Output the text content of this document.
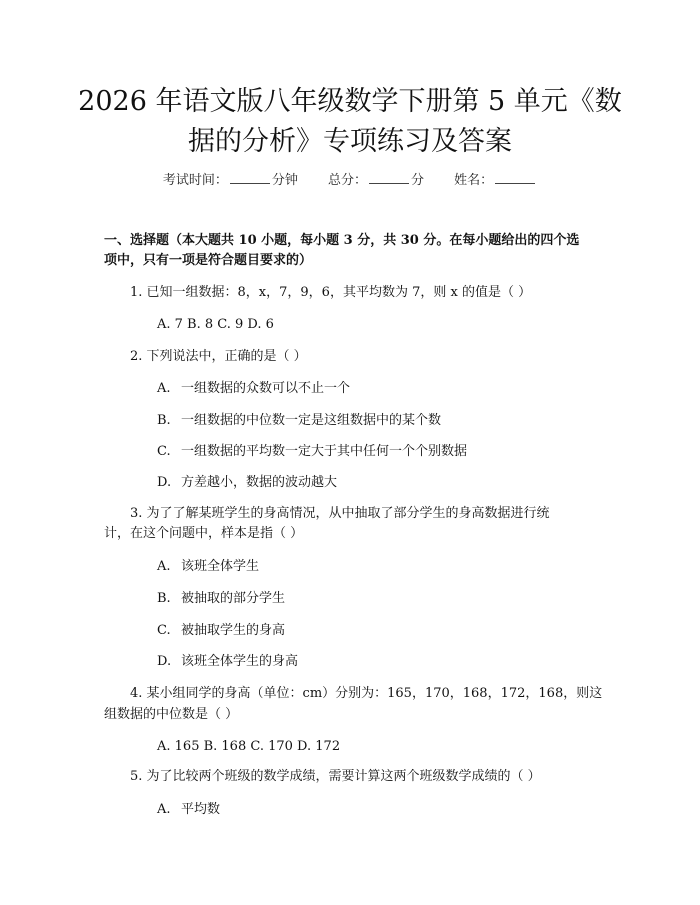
2026 年语文版八年级数学下册第 5 单元《数
据的分析》专项练习及答案
考试时间：	分钟 总分：	分 姓名：
一、选择题（本大题共 10 小题，每小题 3 分，共 30 分。在每小题给出的四个选
项中，只有一项是符合题目要求的）
1. 已知一组数据：8，x，7，9，6，其平均数为 7，则 x 的值是（ ）
A. 7 B. 8 C. 9 D. 6
2. 下列说法中，正确的是（ ）
A. 一组数据的众数可以不止一个
B. 一组数据的中位数一定是这组数据中的某个数
C. 一组数据的平均数一定大于其中任何一个个别数据
D. 方差越小，数据的波动越大
3. 为了了解某班学生的身高情况，从中抽取了部分学生的身高数据进行统
计，在这个问题中，样本是指（ ）
A. 该班全体学生
B. 被抽取的部分学生
C. 被抽取学生的身高
D. 该班全体学生的身高
4. 某小组同学的身高（单位：cm）分别为：165，170，168，172，168，则这
组数据的中位数是（ ）
A. 165 B. 168 C. 170 D. 172
5. 为了比较两个班级的数学成绩，需要计算这两个班级数学成绩的（ ）
A. 平均数
